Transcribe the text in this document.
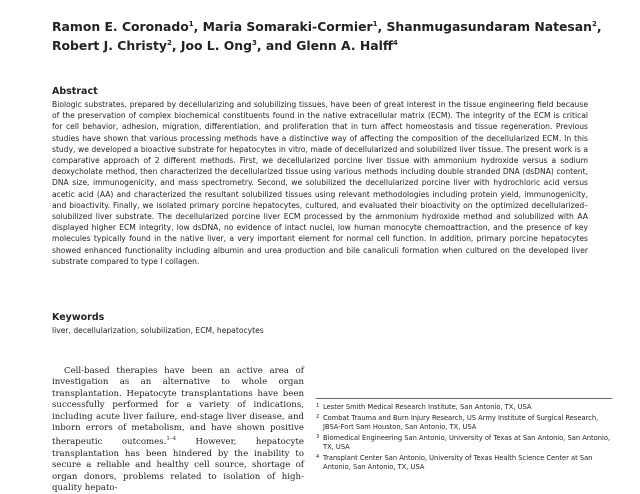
Ramon E. Coronado$^1$, Maria Somaraki-Cormier$^1$, Shanmugasundaram Natesan$^2$,
Robert J. Christy$^2$, Joo L. Ong$^3$, and Glenn A. Halff$^4$
Abstract

Biologic substrates, prepared by decellularizing and solubilizing tissues, have been of great interest in the tissue engineering field because of the preservation of complex biochemical constituents found in the native extracellular matrix (ECM). The integrity of the ECM is critical for cell behavior, adhesion, migration, differentiation, and proliferation that in turn affect homeostasis and tissue regeneration. Previous studies have shown that various processing methods have a distinctive way of affecting the composition of the decellularized ECM. In this study, we developed a bioactive substrate for hepatocytes in vitro, made of decellularized and solubilized liver tissue. The present work is a comparative approach of 2 different methods. First, we decellularized porcine liver tissue with ammonium hydroxide versus a sodium deoxycholate method, then characterized the decellularized tissue using various methods including double stranded DNA (dsDNA) content, DNA size, immunogenicity, and mass spectrometry. Second, we solubilized the decellularized porcine liver with hydrochloric acid versus acetic acid (AA) and characterized the resultant solubilized tissues using relevant methodologies including protein yield, immunogenicity, and bioactivity. Finally, we isolated primary porcine hepatocytes, cultured, and evaluated their bioactivity on the optimized decellularized–solubilized liver substrate. The decellularized porcine liver ECM processed by the ammonium hydroxide method and solubilized with AA displayed higher ECM integrity, low dsDNA, no evidence of intact nuclei, low human monocyte chemoattraction, and the presence of key molecules typically found in the native liver, a very important element for normal cell function. In addition, primary porcine hepatocytes showed enhanced functionality including albumin and urea production and bile canaliculi formation when cultured on the developed liver substrate compared to type I collagen.

Keywords

liver, decellularization, solubilization, ECM, hepatocytes

Cell-based therapies have been an active area of investigation as an alternative to whole organ transplantation. Hepatocyte transplantations have been successfully performed for a variety of indications, including acute liver failure, end-stage liver disease, and inborn errors of metabolism, and have shown positive therapeutic outcomes.$^{1-4}$ However, hepatocyte transplantation has been hindered by the inability to secure a reliable and healthy cell source, shortage of organ donors, problems related to isolation of high-quality hepato-

1 Lester Smith Medical Research Institute, San Antonio, TX, USA
2 Combat Trauma and Burn Injury Research, US Army Institute of Surgical Research, JBSA-Fort Sam Houston, San Antonio, TX, USA
3 Biomedical Engineering San Antonio, University of Texas at San Antonio, San Antonio, TX, USA
4 Transplant Center San Antonio, University of Texas Health Science Center at San Antonio, San Antonio, TX, USA
